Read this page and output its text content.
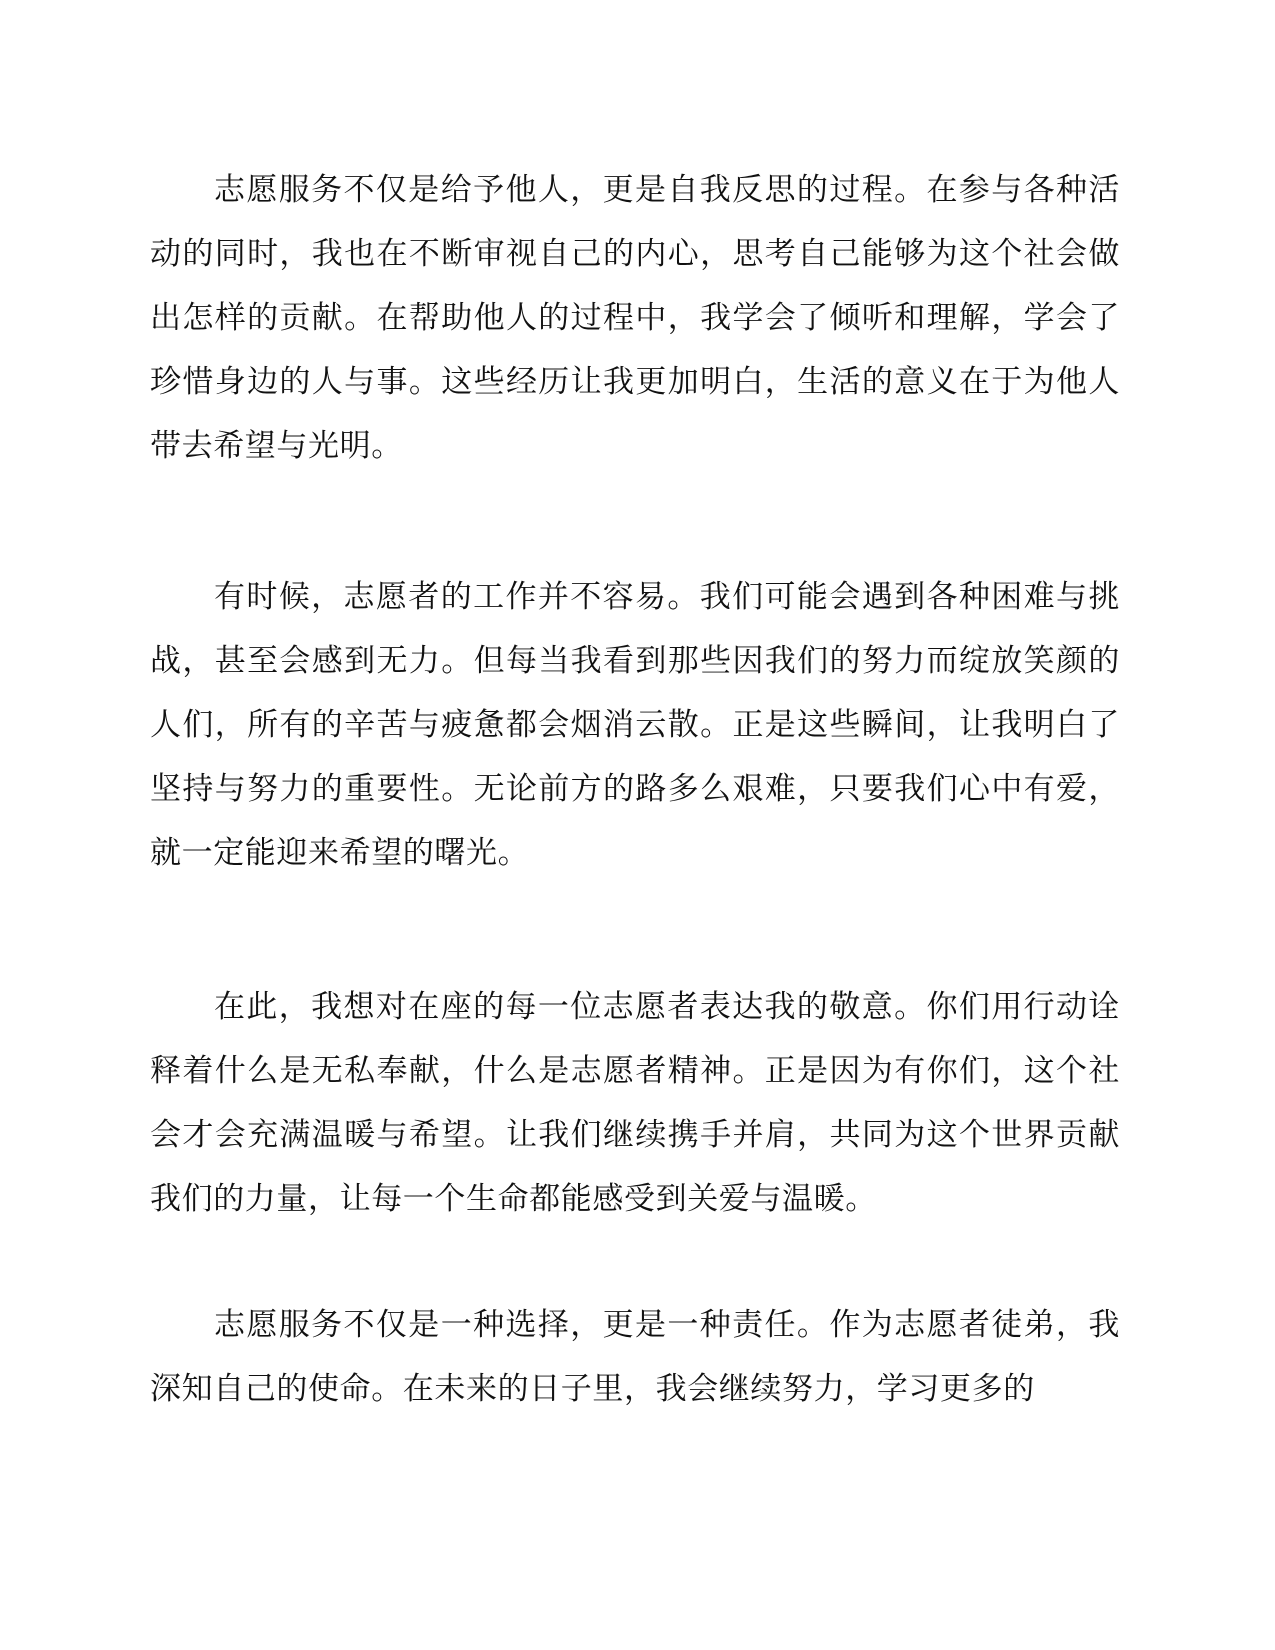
志愿服务不仅是给予他人，更是自我反思的过程。在参与各种活动的同时，我也在不断审视自己的内心，思考自己能够为这个社会做出怎样的贡献。在帮助他人的过程中，我学会了倾听和理解，学会了珍惜身边的人与事。这些经历让我更加明白，生活的意义在于为他人带去希望与光明。

有时候，志愿者的工作并不容易。我们可能会遇到各种困难与挑战，甚至会感到无力。但每当我看到那些因我们的努力而绽放笑颜的人们，所有的辛苦与疲惫都会烟消云散。正是这些瞬间，让我明白了坚持与努力的重要性。无论前方的路多么艰难，只要我们心中有爱，就一定能迎来希望的曙光。

在此，我想对在座的每一位志愿者表达我的敬意。你们用行动诠释着什么是无私奉献，什么是志愿者精神。正是因为有你们，这个社会才会充满温暖与希望。让我们继续携手并肩，共同为这个世界贡献我们的力量，让每一个生命都能感受到关爱与温暖。

志愿服务不仅是一种选择，更是一种责任。作为志愿者徒弟，我深知自己的使命。在未来的日子里，我会继续努力，学习更多的
